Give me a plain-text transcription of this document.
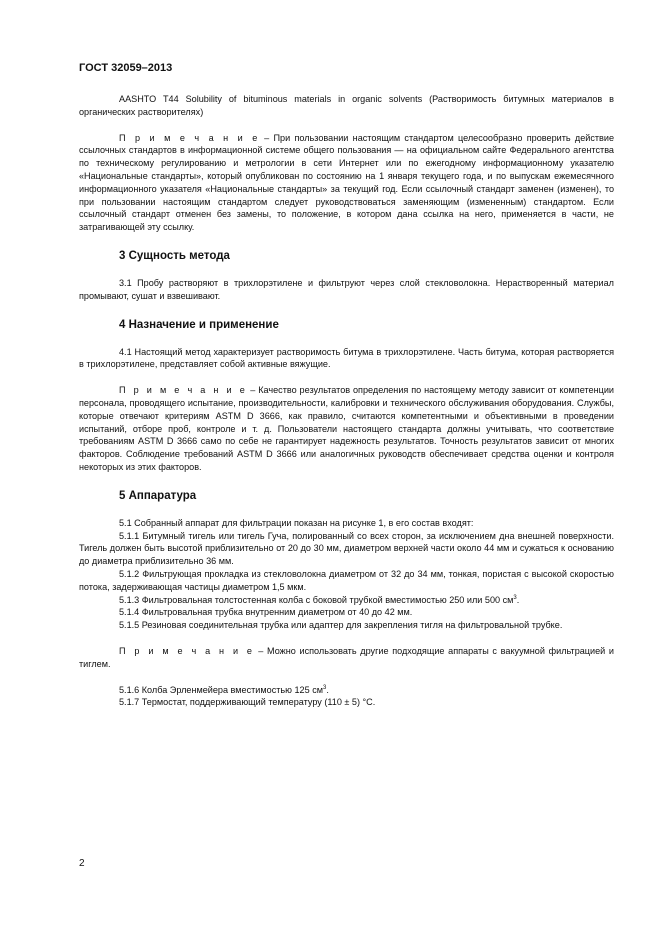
ГОСТ 32059–2013

AASHTO T44 Solubility of bituminous materials in organic solvents (Растворимость битумных материалов в органических растворителях)

П р и м е ч а н и е – При пользовании настоящим стандартом целесообразно проверить действие ссылочных стандартов в информационной системе общего пользования — на официальном сайте Федерального агентства по техническому регулированию и метрологии в сети Интернет или по ежегодному информационному указателю «Национальные стандарты», который опубликован по состоянию на 1 января текущего года, и по выпускам ежемесячного информационного указателя «Национальные стандарты» за текущий год. Если ссылочный стандарт заменен (изменен), то при пользовании настоящим стандартом следует руководствоваться заменяющим (измененным) стандартом. Если ссылочный стандарт отменен без замены, то положение, в котором дана ссылка на него, применяется в части, не затрагивающей эту ссылку.

3 Сущность метода

3.1 Пробу растворяют в трихлорэтилене и фильтруют через слой стекловолокна. Нерастворенный материал промывают, сушат и взвешивают.

4 Назначение и применение

4.1 Настоящий метод характеризует растворимость битума в трихлорэтилене. Часть битума, которая растворяется в трихлорэтилене, представляет собой активные вяжущие.

П р и м е ч а н и е – Качество результатов определения по настоящему методу зависит от компетенции персонала, проводящего испытание, производительности, калибровки и технического обслуживания оборудования. Службы, которые отвечают критериям ASTM D 3666, как правило, считаются компетентными и объективными в проведении испытаний, отборе проб, контроле и т. д. Пользователи настоящего стандарта должны учитывать, что соответствие требованиям ASTM D 3666 само по себе не гарантирует надежность результатов. Точность результатов зависит от многих факторов. Соблюдение требований ASTM D 3666 или аналогичных руководств обеспечивает средства оценки и контроля некоторых из этих факторов.

5 Аппаратура

5.1 Собранный аппарат для фильтрации показан на рисунке 1, в его состав входят:

5.1.1 Битумный тигель или тигель Гуча, полированный со всех сторон, за исключением дна внешней поверхности. Тигель должен быть высотой приблизительно от 20 до 30 мм, диаметром верхней части около 44 мм и сужаться к основанию до диаметра приблизительно 36 мм.

5.1.2 Фильтрующая прокладка из стекловолокна диаметром от 32 до 34 мм, тонкая, пористая с высокой скоростью потока, задерживающая частицы диаметром 1,5 мкм.

5.1.3 Фильтровальная толстостенная колба с боковой трубкой вместимостью 250 или 500 $см^3$.

5.1.4 Фильтровальная трубка внутренним диаметром от 40 до 42 мм.

5.1.5 Резиновая соединительная трубка или адаптер для закрепления тигля на фильтровальной трубке.

П р и м е ч а н и е – Можно использовать другие подходящие аппараты с вакуумной фильтрацией и тиглем.

5.1.6 Колба Эрленмейера вместимостью 125 $см^3$.

5.1.7 Термостат, поддерживающий температуру (110 ± 5) °С.

2
